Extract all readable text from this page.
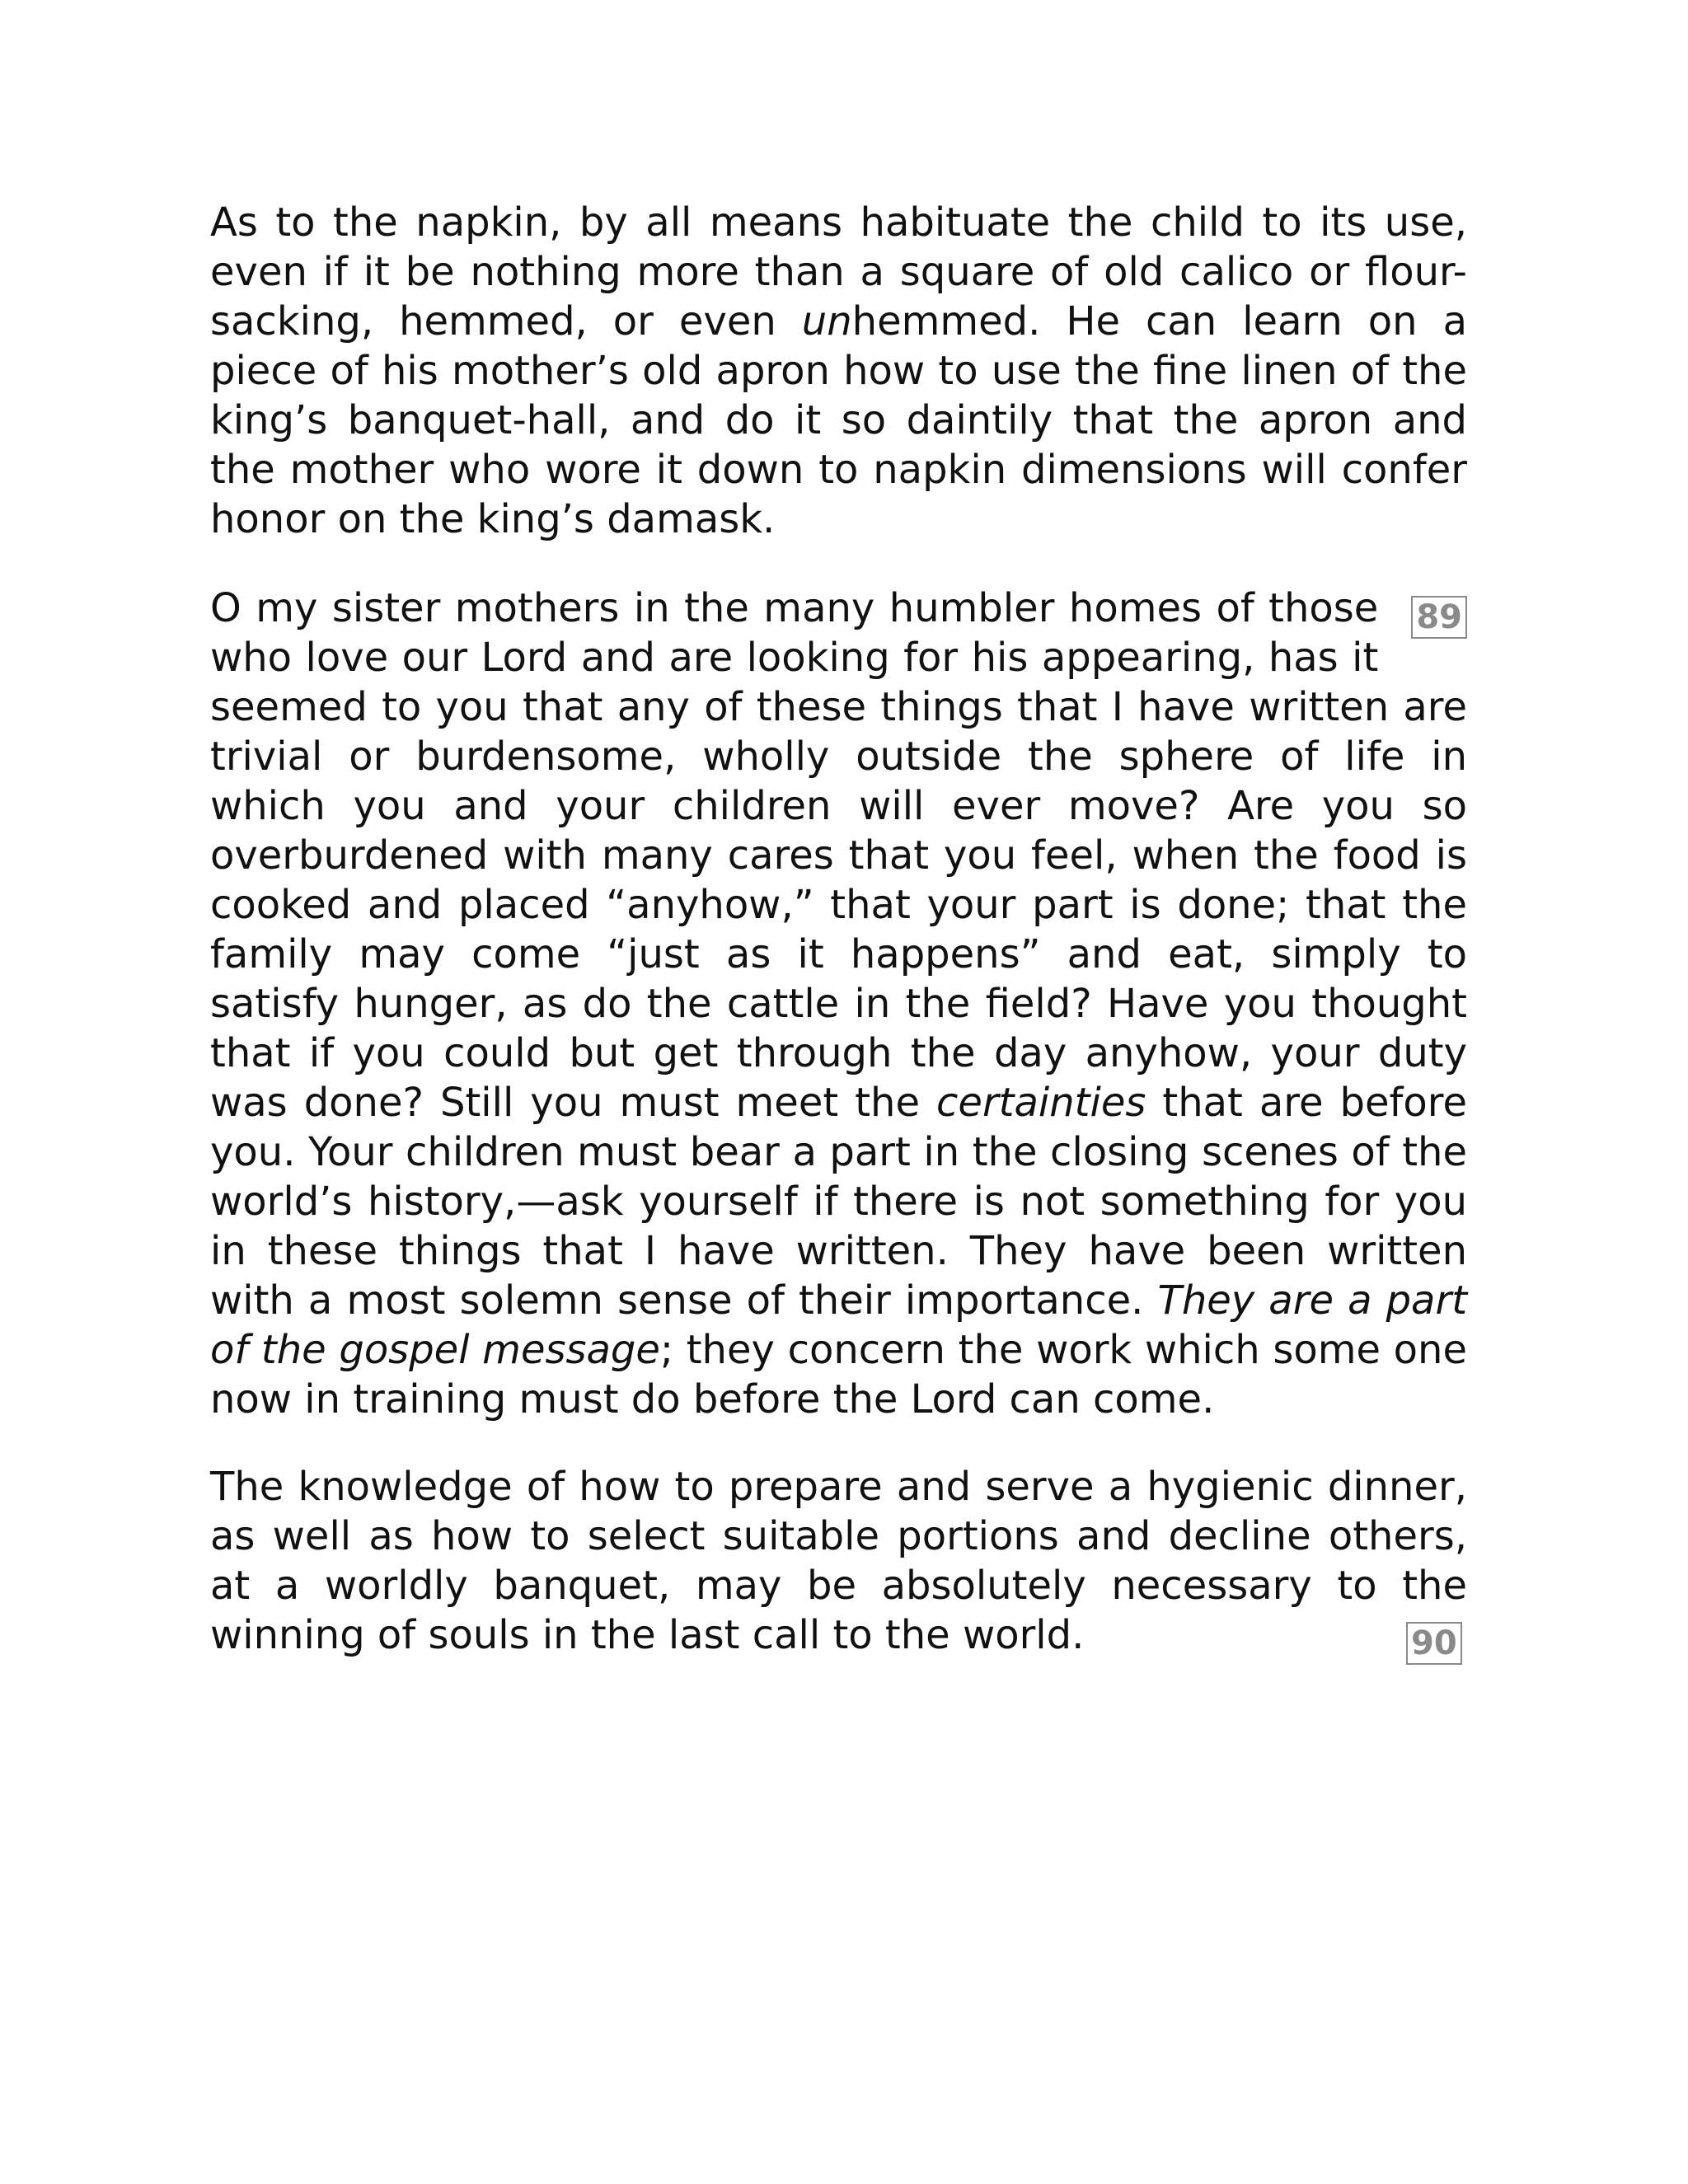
As to the napkin, by all means habituate the child to its use, even if it be nothing more than a square of old calico or flour-sacking, hemmed, or even unhemmed. He can learn on a piece of his mother’s old apron how to use the fine linen of the king’s banquet-hall, and do it so daintily that the apron and the mother who wore it down to napkin dimensions will confer honor on the king’s damask.

89
O my sister mothers in the many humbler homes of those who love our Lord and are looking for his appearing, has it seemed to you that any of these things that I have written are trivial or burdensome, wholly outside the sphere of life in which you and your children will ever move? Are you so overburdened with many cares that you feel, when the food is cooked and placed “anyhow,” that your part is done; that the family may come “just as it happens” and eat, simply to satisfy hunger, as do the cattle in the field? Have you thought that if you could but get through the day anyhow, your duty was done? Still you must meet the certainties that are before you. Your children must bear a part in the closing scenes of the world’s history,—ask yourself if there is not something for you in these things that I have written. They have been written with a most solemn sense of their importance. They are a part of the gospel message; they concern the work which some one now in training must do before the Lord can come.

The knowledge of how to prepare and serve a hygienic dinner, as well as how to select suitable portions and decline others, at a worldly banquet, may be absolutely necessary to the winning of souls in the last call to the world.	90
